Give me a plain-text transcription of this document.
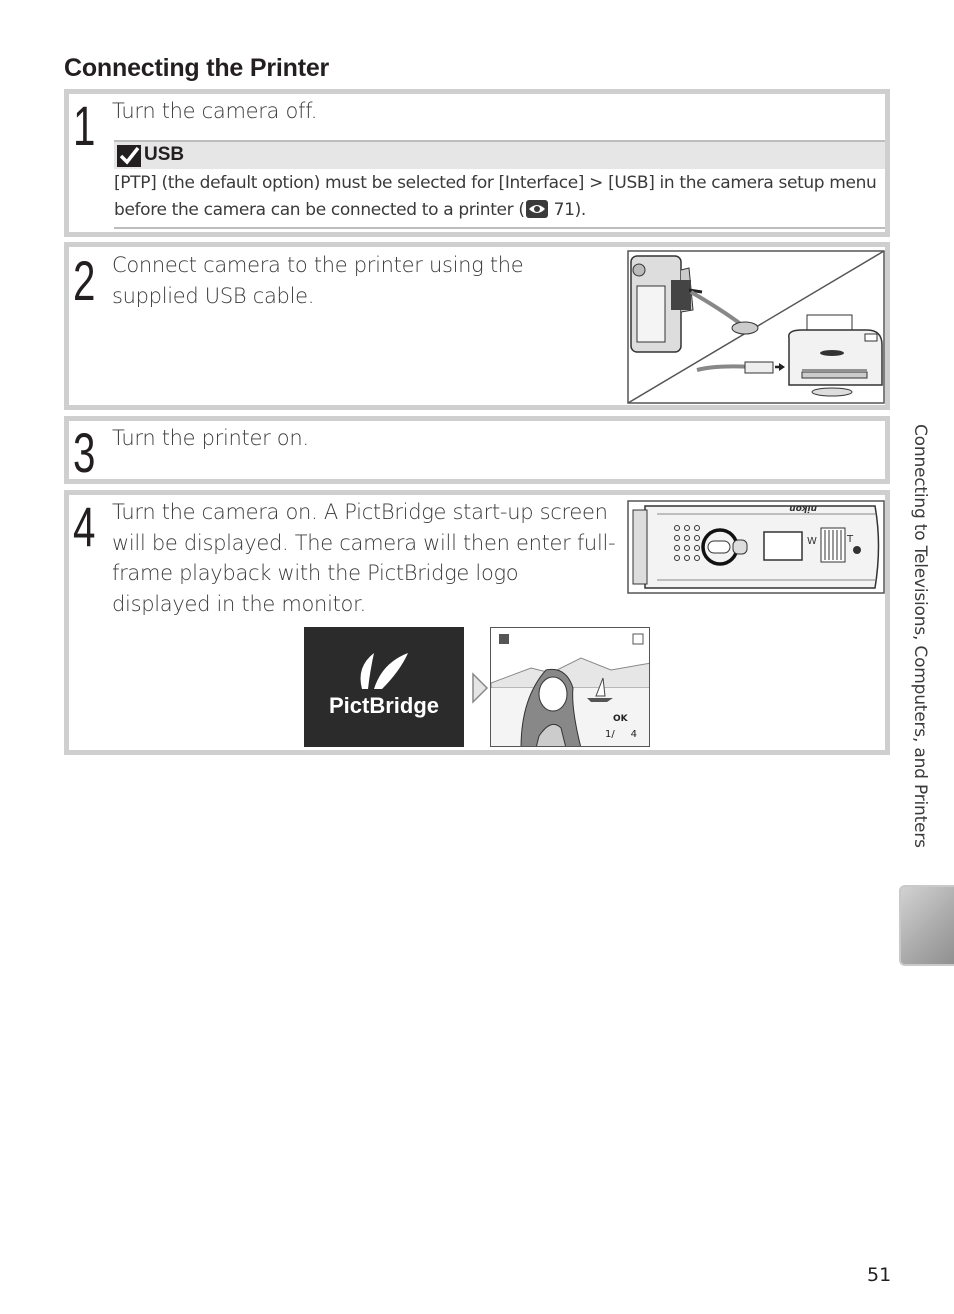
Connecting the Printer
1 Turn the camera off.
USB
[PTP] (the default option) must be selected for [Interface] > [USB] in the camera setup menu before the camera can be connected to a printer ( 71).
2 Connect camera to the printer using the supplied USB cable.
3 Turn the printer on.
4 Turn the camera on. A PictBridge start-up screen will be displayed. The camera will then enter full-frame playback with the PictBridge logo displayed in the monitor.
W	T
nikon
PictBridge
OK
1/     4	Connecting to Televisions, Computers, and Printers
51
